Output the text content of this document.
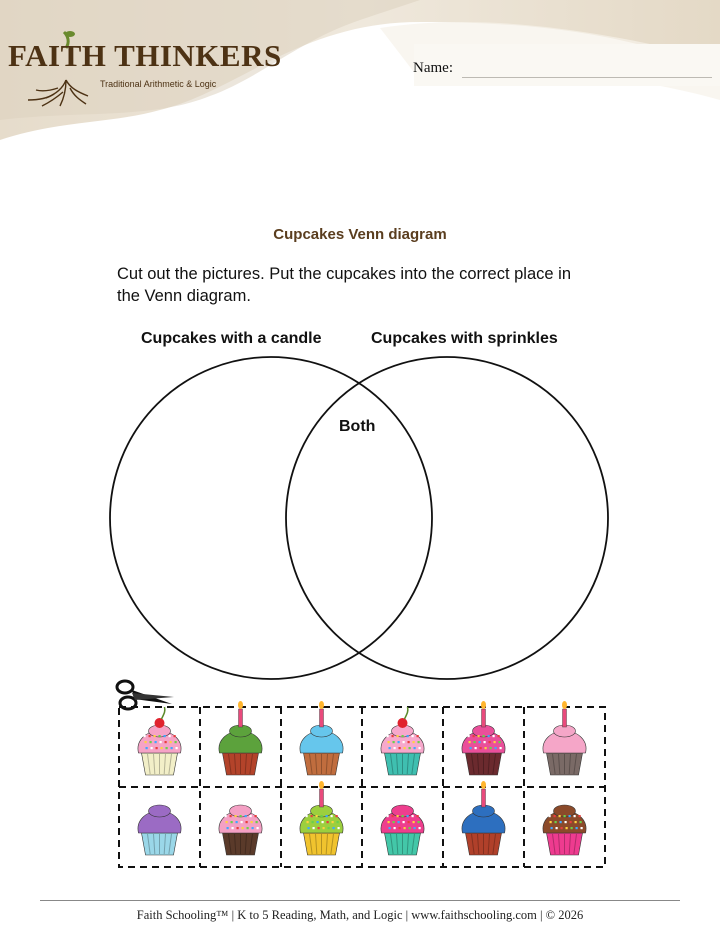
FAITH THINKERS
Traditional Arithmetic & Logic
Name:
Cupcakes Venn diagram
Cut out the pictures. Put the cupcakes into the correct place in the Venn diagram.
Cupcakes with a candle	Cupcakes with sprinkles
Both
Faith Schooling™ | K to 5 Reading, Math, and Logic | www.faithschooling.com | © 2026
